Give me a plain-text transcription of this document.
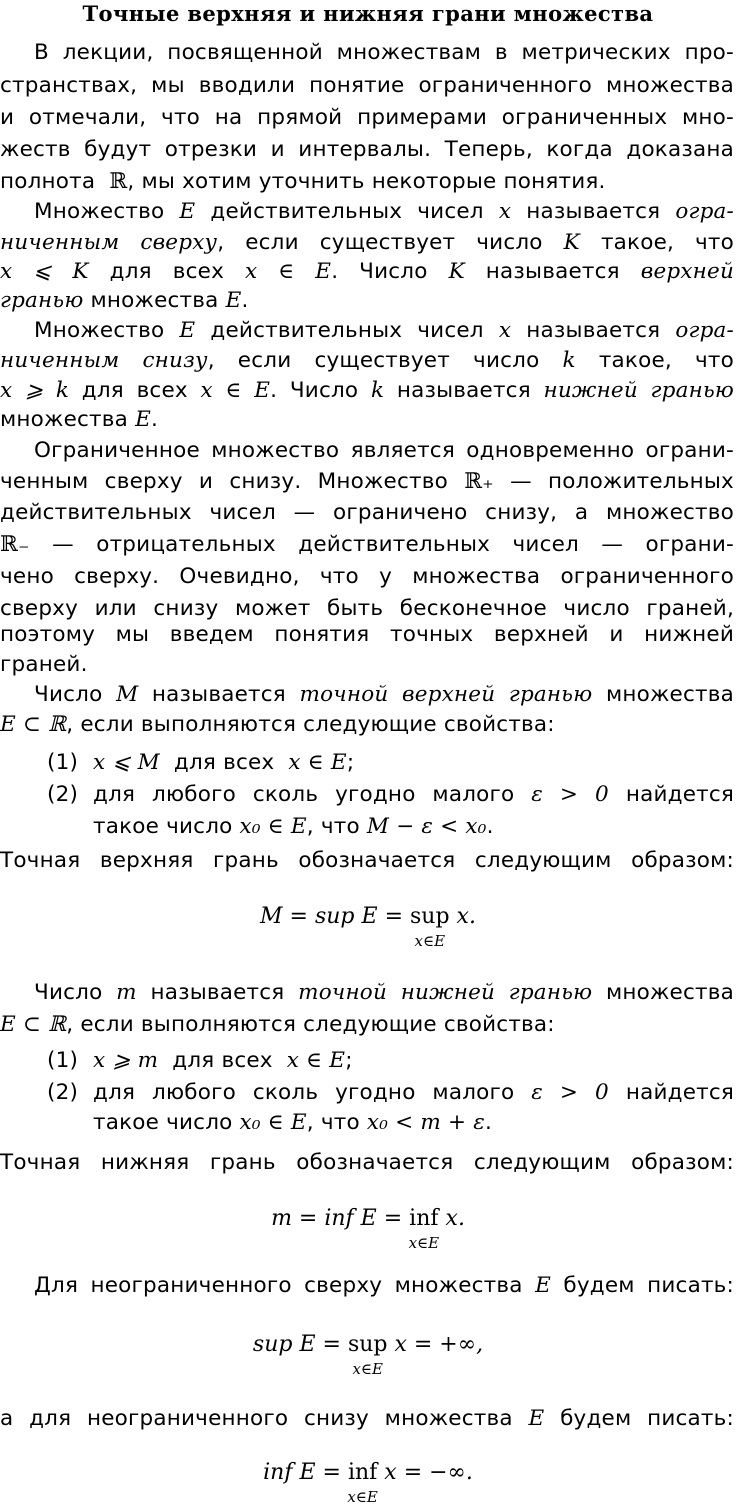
Точные верхняя и нижняя грани множества
В лекции, посвященной множествам в метрических про-
странствах, мы вводили понятие ограниченного множества
и отмечали, что на прямой примерами ограниченных мно-
жеств будут отрезки и интервалы. Теперь, когда доказана
полнота ℝ, мы хотим уточнить некоторые понятия.
Множество E действительных чисел x называется огра-
ниченным сверху, если существует число K такое, что
x ⩽ K для всех x ∈ E. Число K называется верхней
гранью множества E.
Множество E действительных чисел x называется огра-
ниченным снизу, если существует число k такое, что
x ⩾ k для всех x ∈ E. Число k называется нижней гранью
множества E.
Ограниченное множество является одновременно ограни-
ченным сверху и снизу. Множество ℝ₊ — положительных
действительных чисел — ограничено снизу, а множество
ℝ₋ — отрицательных действительных чисел — ограни-
чено сверху. Очевидно, что у множества ограниченного
сверху или снизу может быть бесконечное число граней,
поэтому мы введем понятия точных верхней и нижней
граней.
Число M называется точной верхней гранью множества
E ⊂ ℝ, если выполняются следующие свойства:
(1) x ⩽ M для всех x ∈ E;
(2) для любого сколь угодно малого ε > 0 найдется
такое число x₀ ∈ E, что M − ε < x₀.
Точная верхняя грань обозначается следующим образом:
M = sup E = sup
x∈E
x.
Число m называется точной нижней гранью множества
E ⊂ ℝ, если выполняются следующие свойства:
(1) x ⩾ m для всех x ∈ E;
(2) для любого сколь угодно малого ε > 0 найдется
такое число x₀ ∈ E, что x₀ < m + ε.
Точная нижняя грань обозначается следующим образом:
m = inf E = inf
x∈E
x.
Для неограниченного сверху множества E будем писать:
sup E = sup
x∈E
x = +∞,
а для неограниченного снизу множества E будем писать:
inf E = inf
x∈E
x = −∞.
